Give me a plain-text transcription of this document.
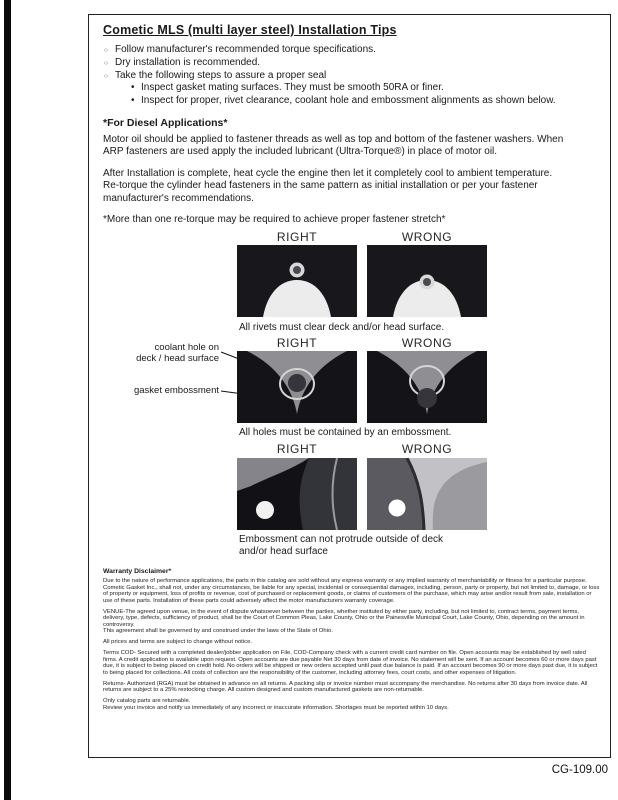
Cometic MLS (multi layer steel) Installation Tips
○ Follow manufacturer's recommended torque specifications.
○ Dry installation is recommended.
○ Take the following steps to assure a proper seal
• Inspect gasket mating surfaces. They must be smooth 50RA or finer.
• Inspect for proper, rivet clearance, coolant hole and embossment alignments as shown below.
*For Diesel Applications*

Motor oil should be applied to fastener threads as well as top and bottom of the fastener washers. When ARP fasteners are used apply the included lubricant (Ultra-Torque®) in place of motor oil.

After Installation is complete, heat cycle the engine then let it completely cool to ambient temperature. Re-torque the cylinder head fasteners in the same pattern as initial installation or per your fastener manufacturer's recommendations.

*More than one re-torque may be required to achieve proper fastener stretch*

RIGHT	WRONG
All rivets must clear deck and/or head surface.
RIGHT	WRONG
coolant hole on
deck / head surface
gasket embossment
All holes must be contained by an embossment.
RIGHT	WRONG
Embossment can not protrude outside of deck and/or head surface
Warranty Disclaimer*

Due to the nature of performance applications, the parts in this catalog are sold without any express warranty or any implied warranty of merchantability or fitness for a particular purpose. Cometic Gasket Inc., shall not, under any circumstances, be liable for any special, incidental or consequential damages, including, person, party or property, but not limited to, damage, or loss of property or equipment, loss of profits or revenue, cost of purchased or replacement goods, or claims of customers of the purchase, which may arise and/or result from sale, installation or use of these parts. Installation of these parts could adversely affect the motor manufacturers warranty coverage.

VENUE-The agreed upon venue, in the event of dispute whatsoever between the parties, whether instituted by either party, including, but not limited to, contract terms, payment terms, delivery, type, defects, sufficiency of product, shall be the Court of Common Pleas, Lake County, Ohio or the Painesville Municipal Court, Lake County, Ohio, depending on the amount in controversy.

This agreement shall be governed by and construed under the laws of the State of Ohio.

All prices and terms are subject to change without notice.

Terms COD- Secured with a completed dealer/jobber application on File, COD-Company check with a current credit card number on file. Open accounts may be established by well rated firms. A credit application is available upon request. Open accounts are due payable Net 30 days from date of invoice. No statement will be sent. If an account becomes 60 or more days past due, it is subject to being placed on credit hold. No orders will be shipped or new orders accepted until past due balance is paid. If an account becomes 90 or more days past due, it is subject to being placed for collections. All costs of collection are the responsibility of the customer, including attorney fees, court costs, and other expenses of litigation.

Returns- Authorized (RGA) must be obtained in advance on all returns. A packing slip or invoice number must accompany the merchandise. No returns after 30 days from invoice date. All returns are subject to a 25% restocking charge. All custom designed and custom manufactured gaskets are non-returnable.

Only catalog parts are returnable.

Review your invoice and notify us immediately of any incorrect or inaccurate information. Shortages must be reported within 10 days.

CG-109.00
